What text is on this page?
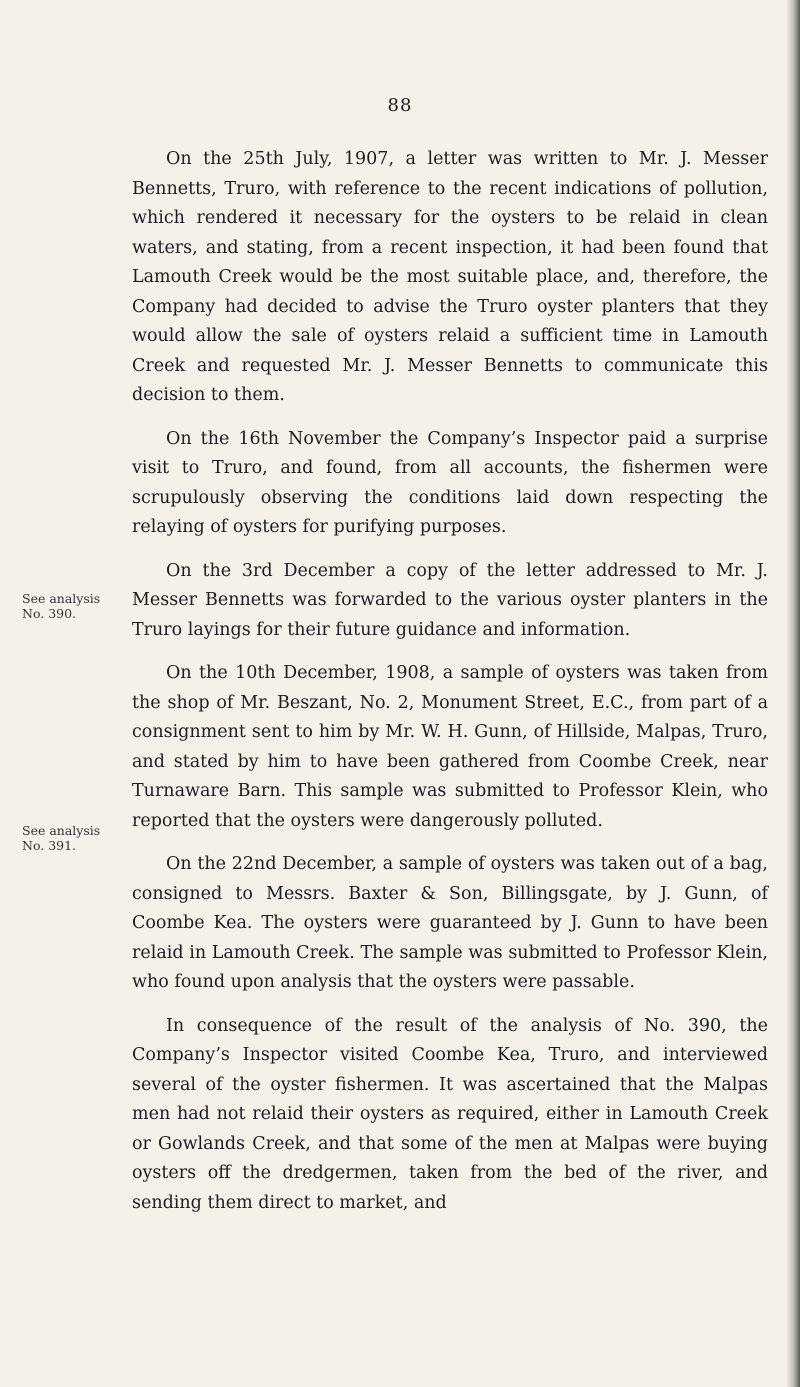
88
See analysis No. 390.
See analysis No. 391.

On the 25th July, 1907, a letter was written to Mr. J. Messer Bennetts, Truro, with reference to the recent indications of pollution, which rendered it necessary for the oysters to be relaid in clean waters, and stating, from a recent inspection, it had been found that Lamouth Creek would be the most suitable place, and, therefore, the Company had decided to advise the Truro oyster planters that they would allow the sale of oysters relaid a sufficient time in Lamouth Creek and requested Mr. J. Messer Bennetts to communicate this decision to them.

On the 16th November the Company’s Inspector paid a surprise visit to Truro, and found, from all accounts, the fishermen were scrupulously observing the conditions laid down respecting the relaying of oysters for purifying purposes.

On the 3rd December a copy of the letter addressed to Mr. J. Messer Bennetts was forwarded to the various oyster planters in the Truro layings for their future guidance and information.

On the 10th December, 1908, a sample of oysters was taken from the shop of Mr. Beszant, No. 2, Monument Street, E.C., from part of a consignment sent to him by Mr. W. H. Gunn, of Hillside, Malpas, Truro, and stated by him to have been gathered from Coombe Creek, near Turnaware Barn. This sample was submitted to Professor Klein, who reported that the oysters were dangerously polluted.

On the 22nd December, a sample of oysters was taken out of a bag, consigned to Messrs. Baxter & Son, Billingsgate, by J. Gunn, of Coombe Kea. The oysters were guaranteed by J. Gunn to have been relaid in Lamouth Creek. The sample was submitted to Professor Klein, who found upon analysis that the oysters were passable.

In consequence of the result of the analysis of No. 390, the Company’s Inspector visited Coombe Kea, Truro, and interviewed several of the oyster fishermen. It was ascertained that the Malpas men had not relaid their oysters as required, either in Lamouth Creek or Gowlands Creek, and that some of the men at Malpas were buying oysters off the dredgermen, taken from the bed of the river, and sending them direct to market, and
